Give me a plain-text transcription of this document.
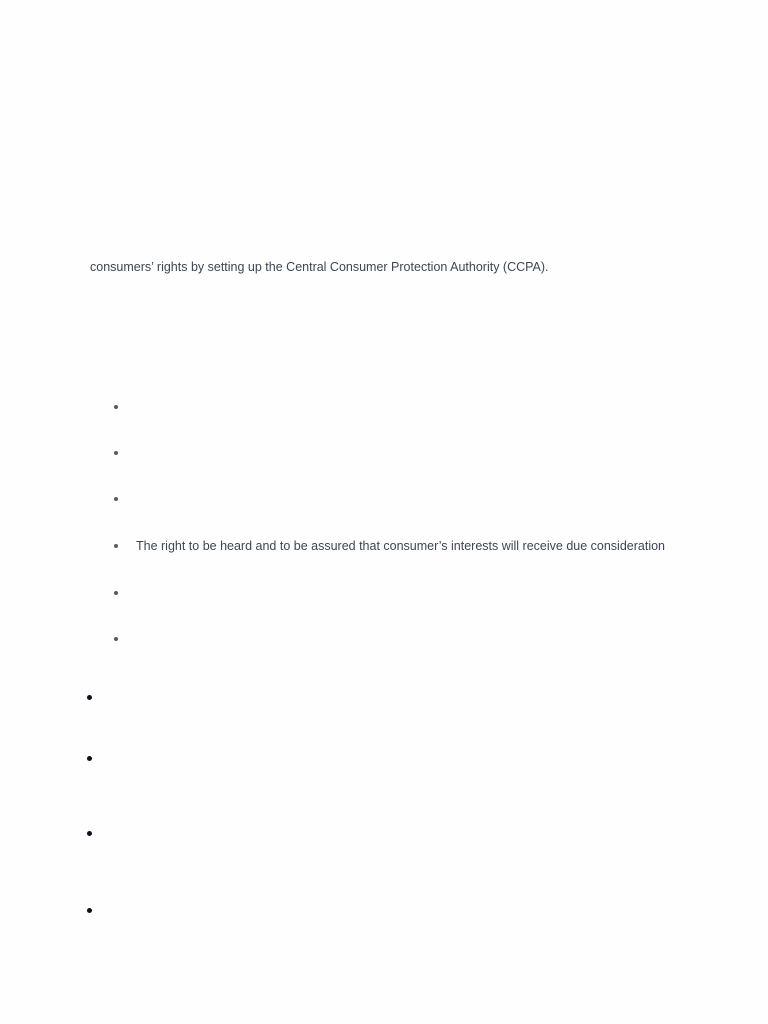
consumers’ rights by setting up the Central Consumer Protection Authority (CCPA).

The right to be heard and to be assured that consumer’s interests will receive due consideration
